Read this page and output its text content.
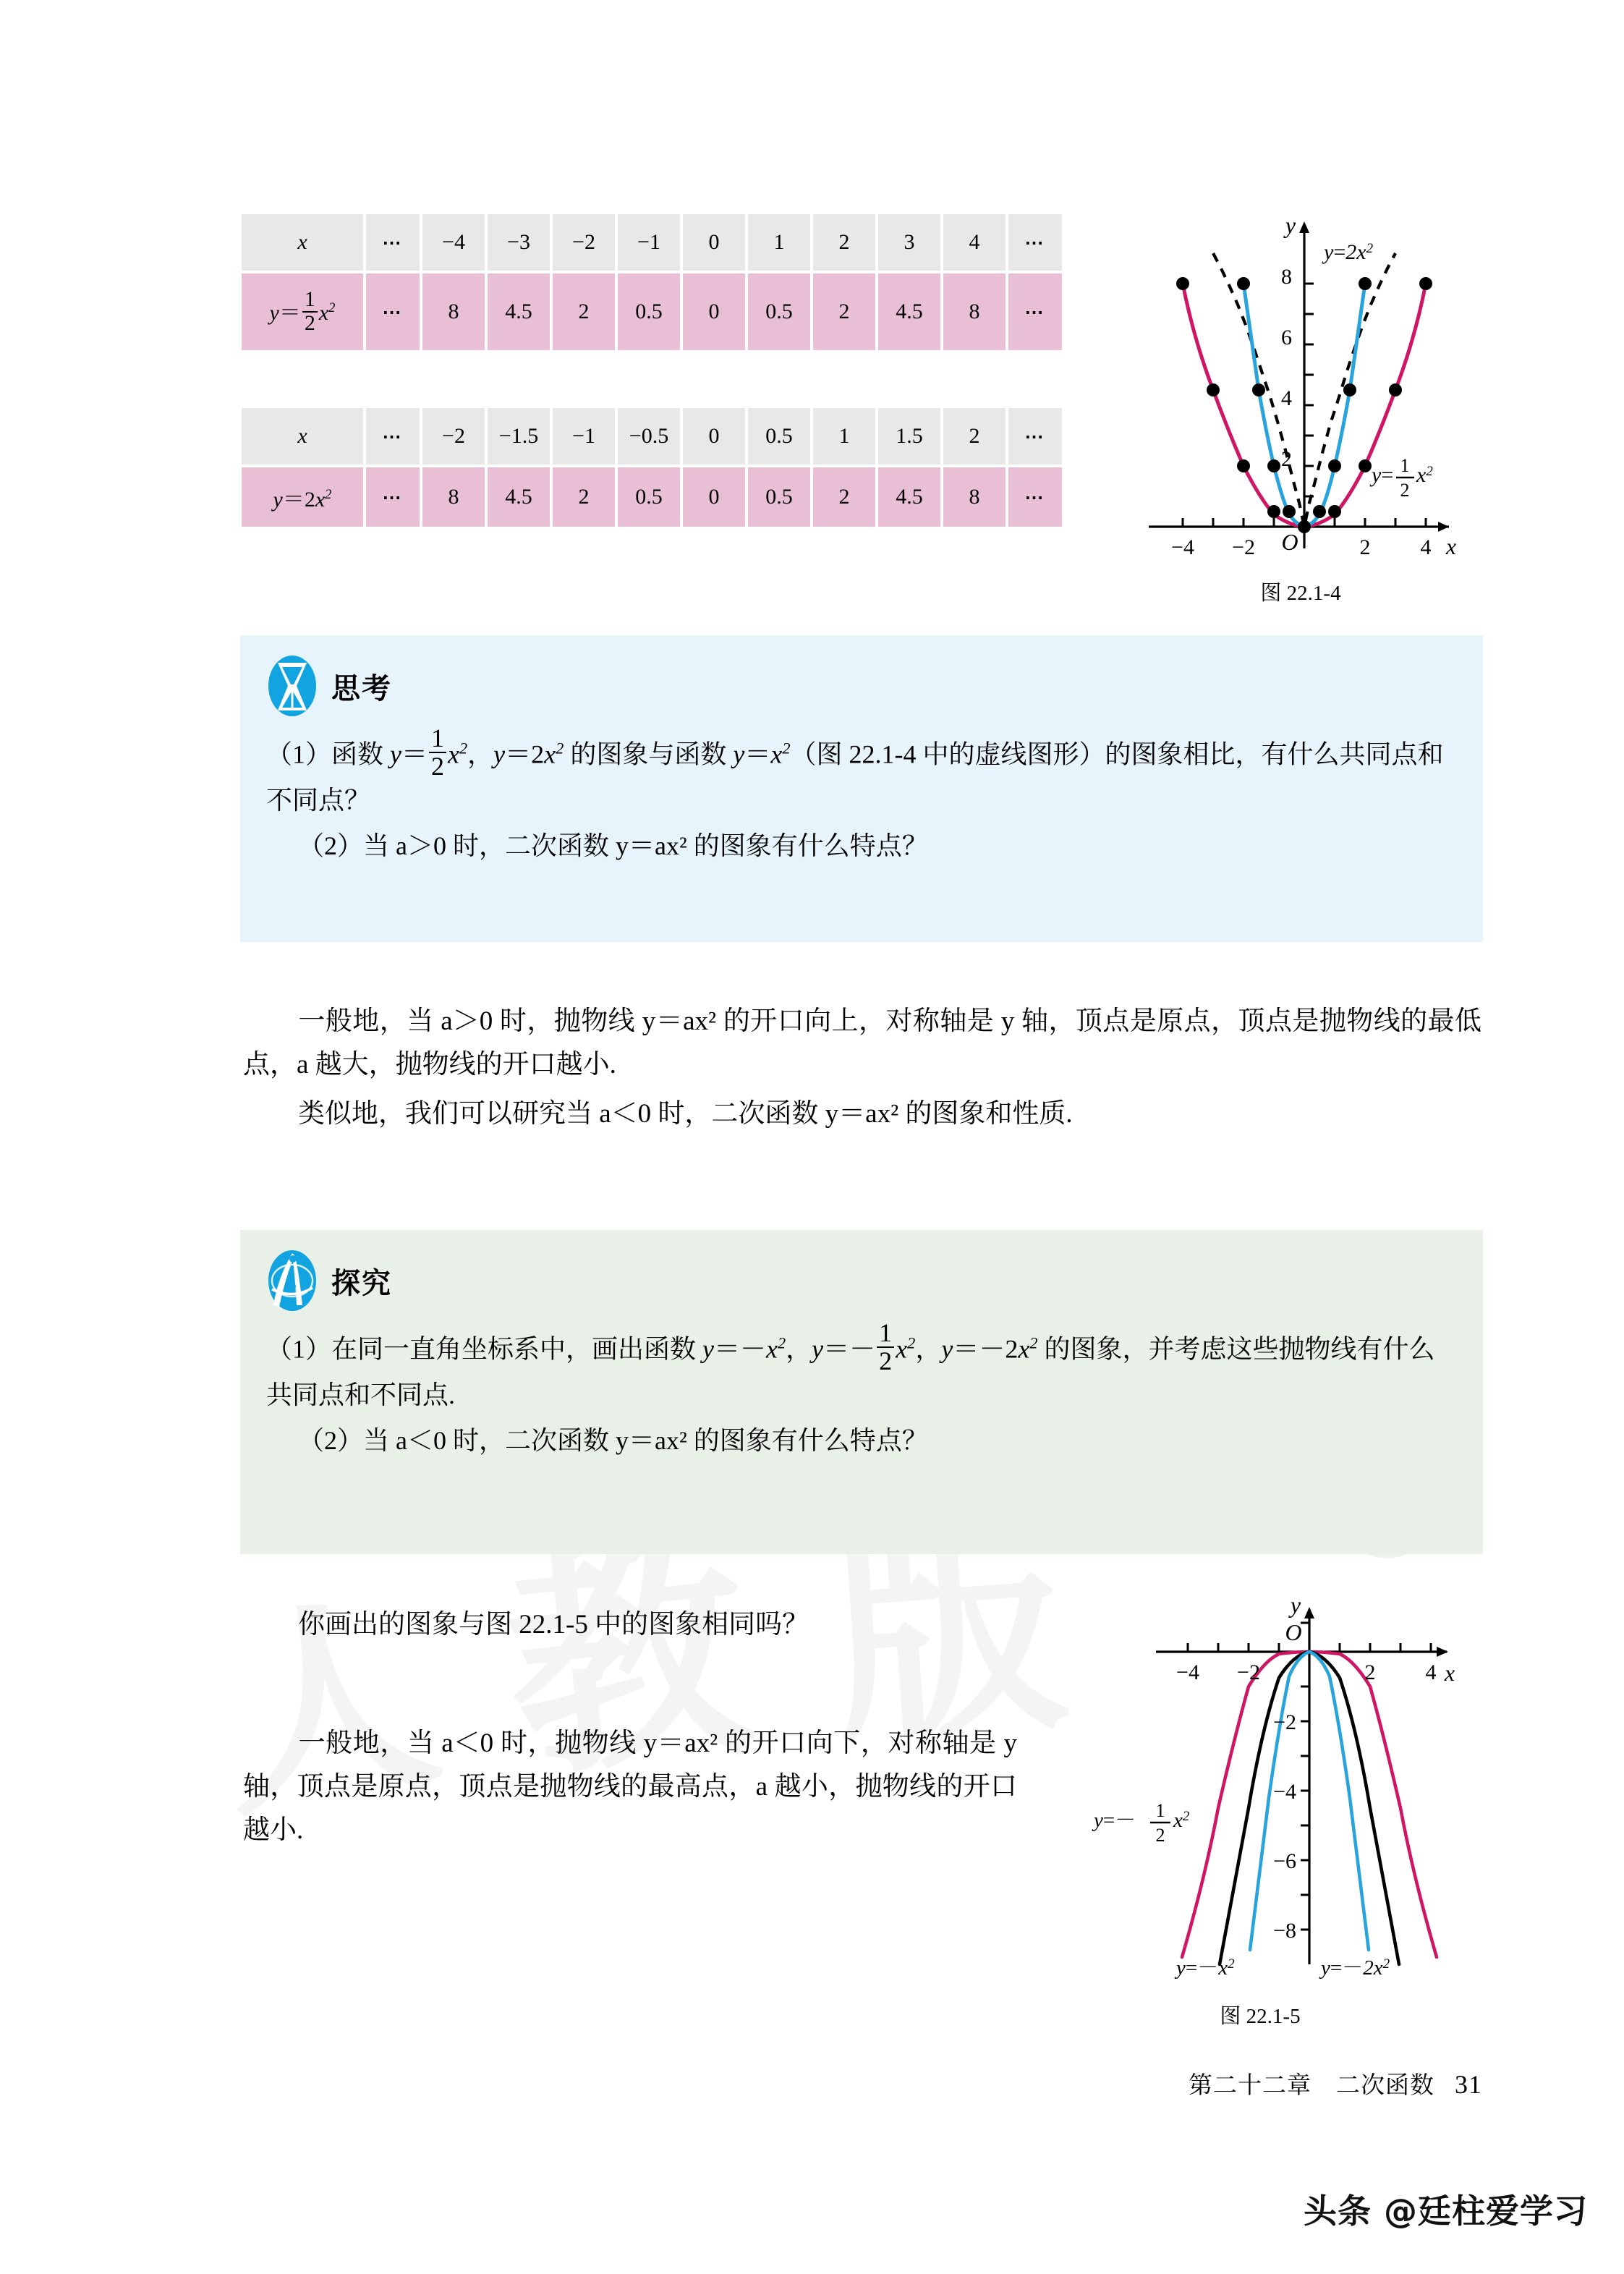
x	⋯	−4	−3	−2	−1	0	1	2	3	4	⋯
$y= \frac{1}{2} x^2$	⋯	8	4.5	2	0.5	0	0.5	2	4.5	8	⋯
x	⋯	−2	−1.5	−1	−0.5	0	0.5	1	1.5	2	⋯
$y=2x^2$	⋯	8	4.5	2	0.5	0	0.5	2	4.5	8	⋯
−4 −2	2 4
8
6
4
2
O	x
y
$y=2x^2$
y= 1
2
$x^2$
图 22.1-4
思考

（1）函数 $y= \frac{1}{2} x^2$，$y=2x^2$ 的图象与函数 $y=x^2$（图 22.1-4 中的虚线图形）的图象相比，有什么共同点和不同点？

（2）当 a＞0 时，二次函数 y＝ax² 的图象有什么特点？

一般地，当 a＞0 时，抛物线 y＝ax² 的开口向上，对称轴是 y 轴，顶点是原点，顶点是抛物线的最低点，a 越大，抛物线的开口越小.
类似地，我们可以研究当 a＜0 时，二次函数 y＝ax² 的图象和性质.
探究

（1）在同一直角坐标系中，画出函数 $y=-x^2$，$y=- \frac{1}{2} x^2$，$y=-2x^2$ 的图象，并考虑这些抛物线有什么共同点和不同点.

（2）当 a＜0 时，二次函数 y＝ax² 的图象有什么特点？

你画出的图象与图 22.1-5 中的图象相同吗？
一般地，当 a＜0 时，抛物线 y＝ax² 的开口向下，对称轴是 y 轴，顶点是原点，顶点是抛物线的最高点，a 越小，抛物线的开口越小.
−4 −2	2 4
−2
−4
−6
−8
O
x
y
y=－ 1
2
$x^2$
$y=-x^2$	$y=-2x^2$
图 22.1-5
第二十二章　二次函数 31
头条 @廷柱爱学习
